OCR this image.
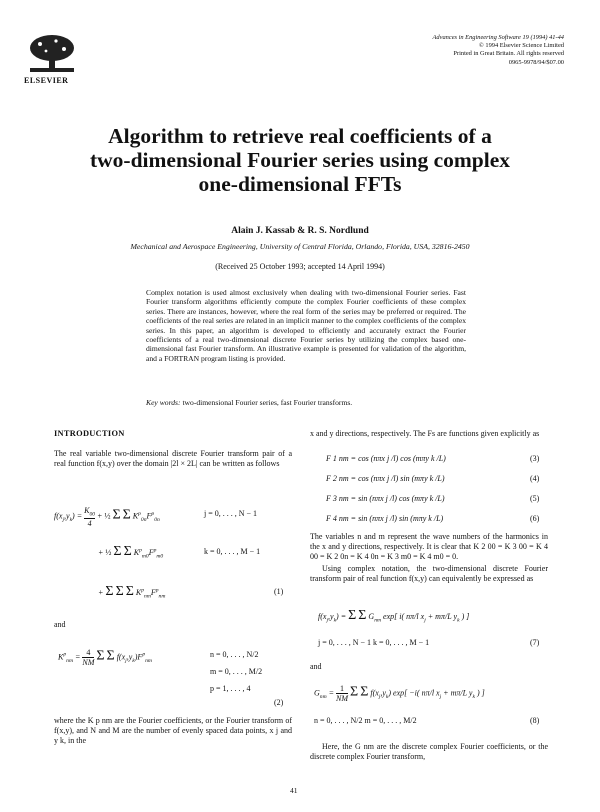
ELSEVIER
Advances in Engineering Software 19 (1994) 41-44
© 1994 Elsevier Science Limited
Printed in Great Britain. All rights reserved
0965-9978/94/$07.00
Algorithm to retrieve real coefficients of a
two-dimensional Fourier series using complex
one-dimensional FFTs
Alain J. Kassab & R. S. Nordlund
Mechanical and Aerospace Engineering, University of Central Florida, Orlando, Florida, USA, 32816-2450
(Received 25 October 1993; accepted 14 April 1994)
Complex notation is used almost exclusively when dealing with two-dimensional Fourier series. Fast Fourier transform algorithms efficiently compute the complex Fourier coefficients of these complex series. There are instances, however, where the real form of the series may be preferred or required. The coefficients of the real series are related in an implicit manner to the complex coefficients of the complex series. In this paper, an algorithm is developed to efficiently and accurately extract the Fourier coefficients of a real two-dimensional discrete Fourier series by utilizing the complex based one-dimensional fast Fourier transform. An illustrative example is presented for validation of the algorithm, and a FORTRAN program listing is provided.
Key words: two-dimensional Fourier series, fast Fourier transforms.
INTRODUCTION
The real variable two-dimensional discrete Fourier transform pair of a real function f(x,y) over the domain |2l × 2L| can be written as follows
$f(x_j,y_k) = \frac{K_{00}}{4}$ + ½ Σ Σ $K^p_{0n}F^p_{0n}$
j = 0, . . . , N − 1
+ ½ Σ Σ $K^p_{m0}F^p_{m0}$
k = 0, . . . , M − 1
+ Σ Σ Σ $K^p_{nm}F^p_{nm}$
(1)
and
$K^p_{nm} = \frac{4}{NM}$ Σ Σ $f(x_j,y_k)F^p_{nm}$
n = 0, . . . , N/2
m = 0, . . . , M/2
p = 1, . . . , 4
(2)
where the K p nm are the Fourier coefficients, or the Fourier transform of f(x,y), and N and M are the number of evenly spaced data points, x j and y k, in the
x and y directions, respectively. The Fs are functions given explicitly as
F 1 nm = cos (nπx j /l) cos (mπy k /L)	(3)
F 2 nm = cos (nπx j /l) sin (mπy k /L)	(4)
F 3 nm = sin (nπx j /l) cos (mπy k /L)	(5)
F 4 nm = sin (nπx j /l) sin (mπy k /L)	(6)
The variables n and m represent the wave numbers of the harmonics in the x and y directions, respectively. It is clear that K 2 00 = K 3 00 = K 4 00 = K 2 0n = K 4 0n = K 3 m0 = K 4 m0 = 0.
Using complex notation, the two-dimensional discrete Fourier transform pair of real function f(x,y) can equivalently be expressed as
$f(x_j,y_k) = \Sigma$ Σ $G_{nm}$ exp[ i( nπ/l $x_j + m\pi/L$ $y_k$ ) ]
j = 0, . . . , N − 1 k = 0, . . . , M − 1	(7)
and
$G_{nm} = \frac{1}{NM}$ Σ Σ $f(x_j,y_k)$ exp[ −i( nπ/l $x_j + m\pi/L$ $y_k$ ) ]
n = 0, . . . , N/2 m = 0, . . . , M/2	(8)
Here, the G nm are the discrete complex Fourier coefficients, or the discrete complex Fourier transform,
41
